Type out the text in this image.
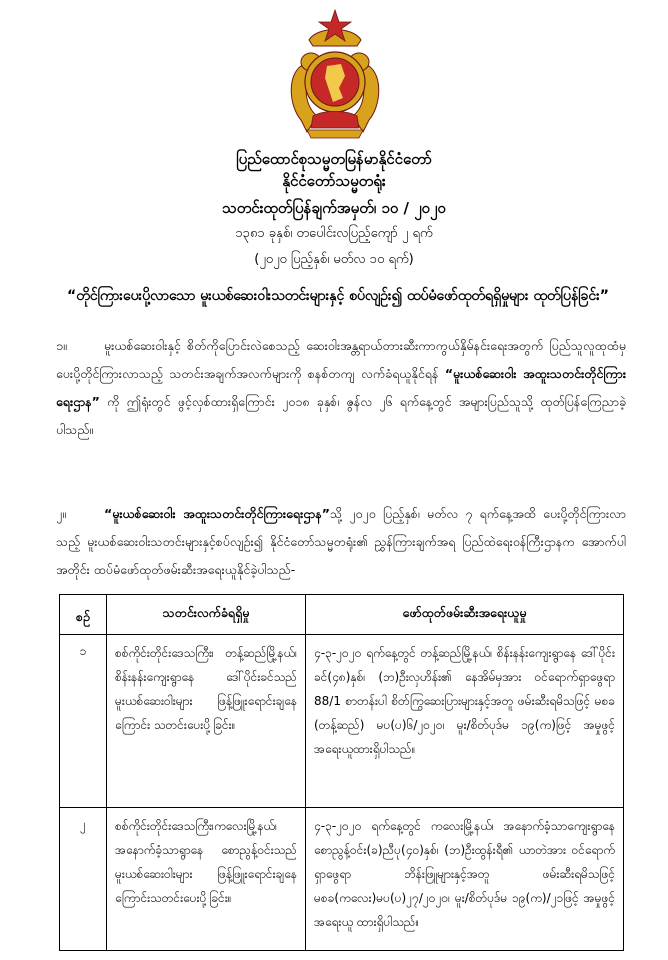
ပြည်ထောင်စုသမ္မတမြန်မာနိုင်ငံတော်
နိုင်ငံတော်သမ္မတရုံး
သတင်းထုတ်ပြန်ချက်အမှတ်၊ ၁၀ / ၂၀၂၀
၁၃၈၁ ခုနှစ်၊ တပေါင်းလပြည့်ကျော် ၂ ရက်
(၂၀၂၀ ပြည့်နှစ်၊ မတ်လ ၁၀ ရက်)
“တိုင်ကြားပေးပို့လာသော မူးယစ်ဆေးဝါးသတင်းများနှင့် စပ်လျဉ်း၍ ထပ်မံဖော်ထုတ်ရရှိမှုများ ထုတ်ပြန်ခြင်း”
၁။	မူးယစ်ဆေးဝါးနှင့် စိတ်ကိုပြောင်းလဲစေသည့် ဆေးဝါးအန္တရာယ်တားဆီးကာကွယ်နှိမ်နင်းရေးအတွက် ပြည်သူလူထုထံမှ ပေးပို့တိုင်ကြားလာသည့် သတင်းအချက်အလက်များကို စနစ်တကျ လက်ခံရယူနိုင်ရန် “မူးယစ်ဆေးဝါး အထူးသတင်းတိုင်ကြားရေးဌာန” ကို ဤရုံးတွင် ဖွင့်လှစ်ထားရှိကြောင်း ၂၀၁၈ ခုနှစ်၊ ဇွန်လ ၂၆ ရက်နေ့တွင် အများပြည်သူသို့ ထုတ်ပြန်ကြေညာခဲ့ပါသည်။
၂။	“မူးယစ်ဆေးဝါး အထူးသတင်းတိုင်ကြားရေးဌာန”သို့ ၂၀၂၀ ပြည့်နှစ်၊ မတ်လ ၇ ရက်နေ့အထိ ပေးပို့တိုင်ကြားလာသည့် မူးယစ်ဆေးဝါးသတင်းများနှင့်စပ်လျဉ်း၍ နိုင်ငံတော်သမ္မတရုံး၏ ညွှန်ကြားချက်အရ ပြည်ထဲရေးဝန်ကြီးဌာနက အောက်ပါအတိုင်း ထပ်မံဖော်ထုတ်ဖမ်းဆီးအရေးယူနိုင်ခဲ့ပါသည်-
စဉ်	သတင်းလက်ခံရရှိမှု	ဖော်ထုတ်ဖမ်းဆီးအရေးယူမှု
၁	စစ်ကိုင်းတိုင်းဒေသကြီး၊ တန့်ဆည်မြို့နယ်၊ စိန်းနန်းကျေးရွာနေ ဒေါ်ပိုင်းခင်သည် မူးယစ်ဆေးဝါးများ ဖြန့်ဖြူးရောင်းချနေကြောင်း သတင်းပေးပို့ခြင်း။	၄-၃-၂၀၂၀ ရက်နေ့တွင် တန့်ဆည်မြို့နယ်၊ စိန်းနန်းကျေးရွာနေ ဒေါ်ပိုင်းခင်(၄၈)နှစ်၊ (ဘ)ဦးလှဟိန်း၏ နေအိမ်မှအား ဝင်ရောက်ရှာဖွေရာ 88/1 စာတန်းပါ စိတ်ကြွဆေးပြားများနှင့်အတူ ဖမ်းဆီးရမိသဖြင့် မစခ (တန့်ဆည်) မပ(ပ)၆/၂၀၂၀၊ မူး/စိတ်ပုဒ်မ ၁၉(က)ဖြင့် အမှုဖွင့် အရေးယူထားရှိပါသည်။
၂	စစ်ကိုင်းတိုင်းဒေသကြီး၊ကလေးမြို့နယ်၊ အနောက်ခံ့သာရွာနေ စောညွန့်ဝင်းသည် မူးယစ်ဆေးဝါးများ ဖြန့်ဖြူးရောင်းချနေကြောင်းသတင်းပေးပို့ခြင်း။	၄-၃-၂၀၂၀ ရက်နေ့တွင် ကလေးမြို့နယ်၊ အနောက်ခံ့သာကျေးရွာနေ စောညွန့်ဝင်း(ခ)ညီပု(၄၀)နှစ်၊ (ဘ)ဦးထွန်းရီ၏ ယာတဲအား ဝင်ရောက်ရှာဖွေရာ ဘိန်းဖြူများနှင့်အတူ ဖမ်းဆီးရမိသဖြင့် မစခ(ကလေး)မပ(ပ)၂၇/၂၀၂၀၊ မူး/စိတ်ပုဒ်မ ၁၉(က)/၂၁ဖြင့် အမှုဖွင့်အရေးယူ ထားရှိပါသည်။
